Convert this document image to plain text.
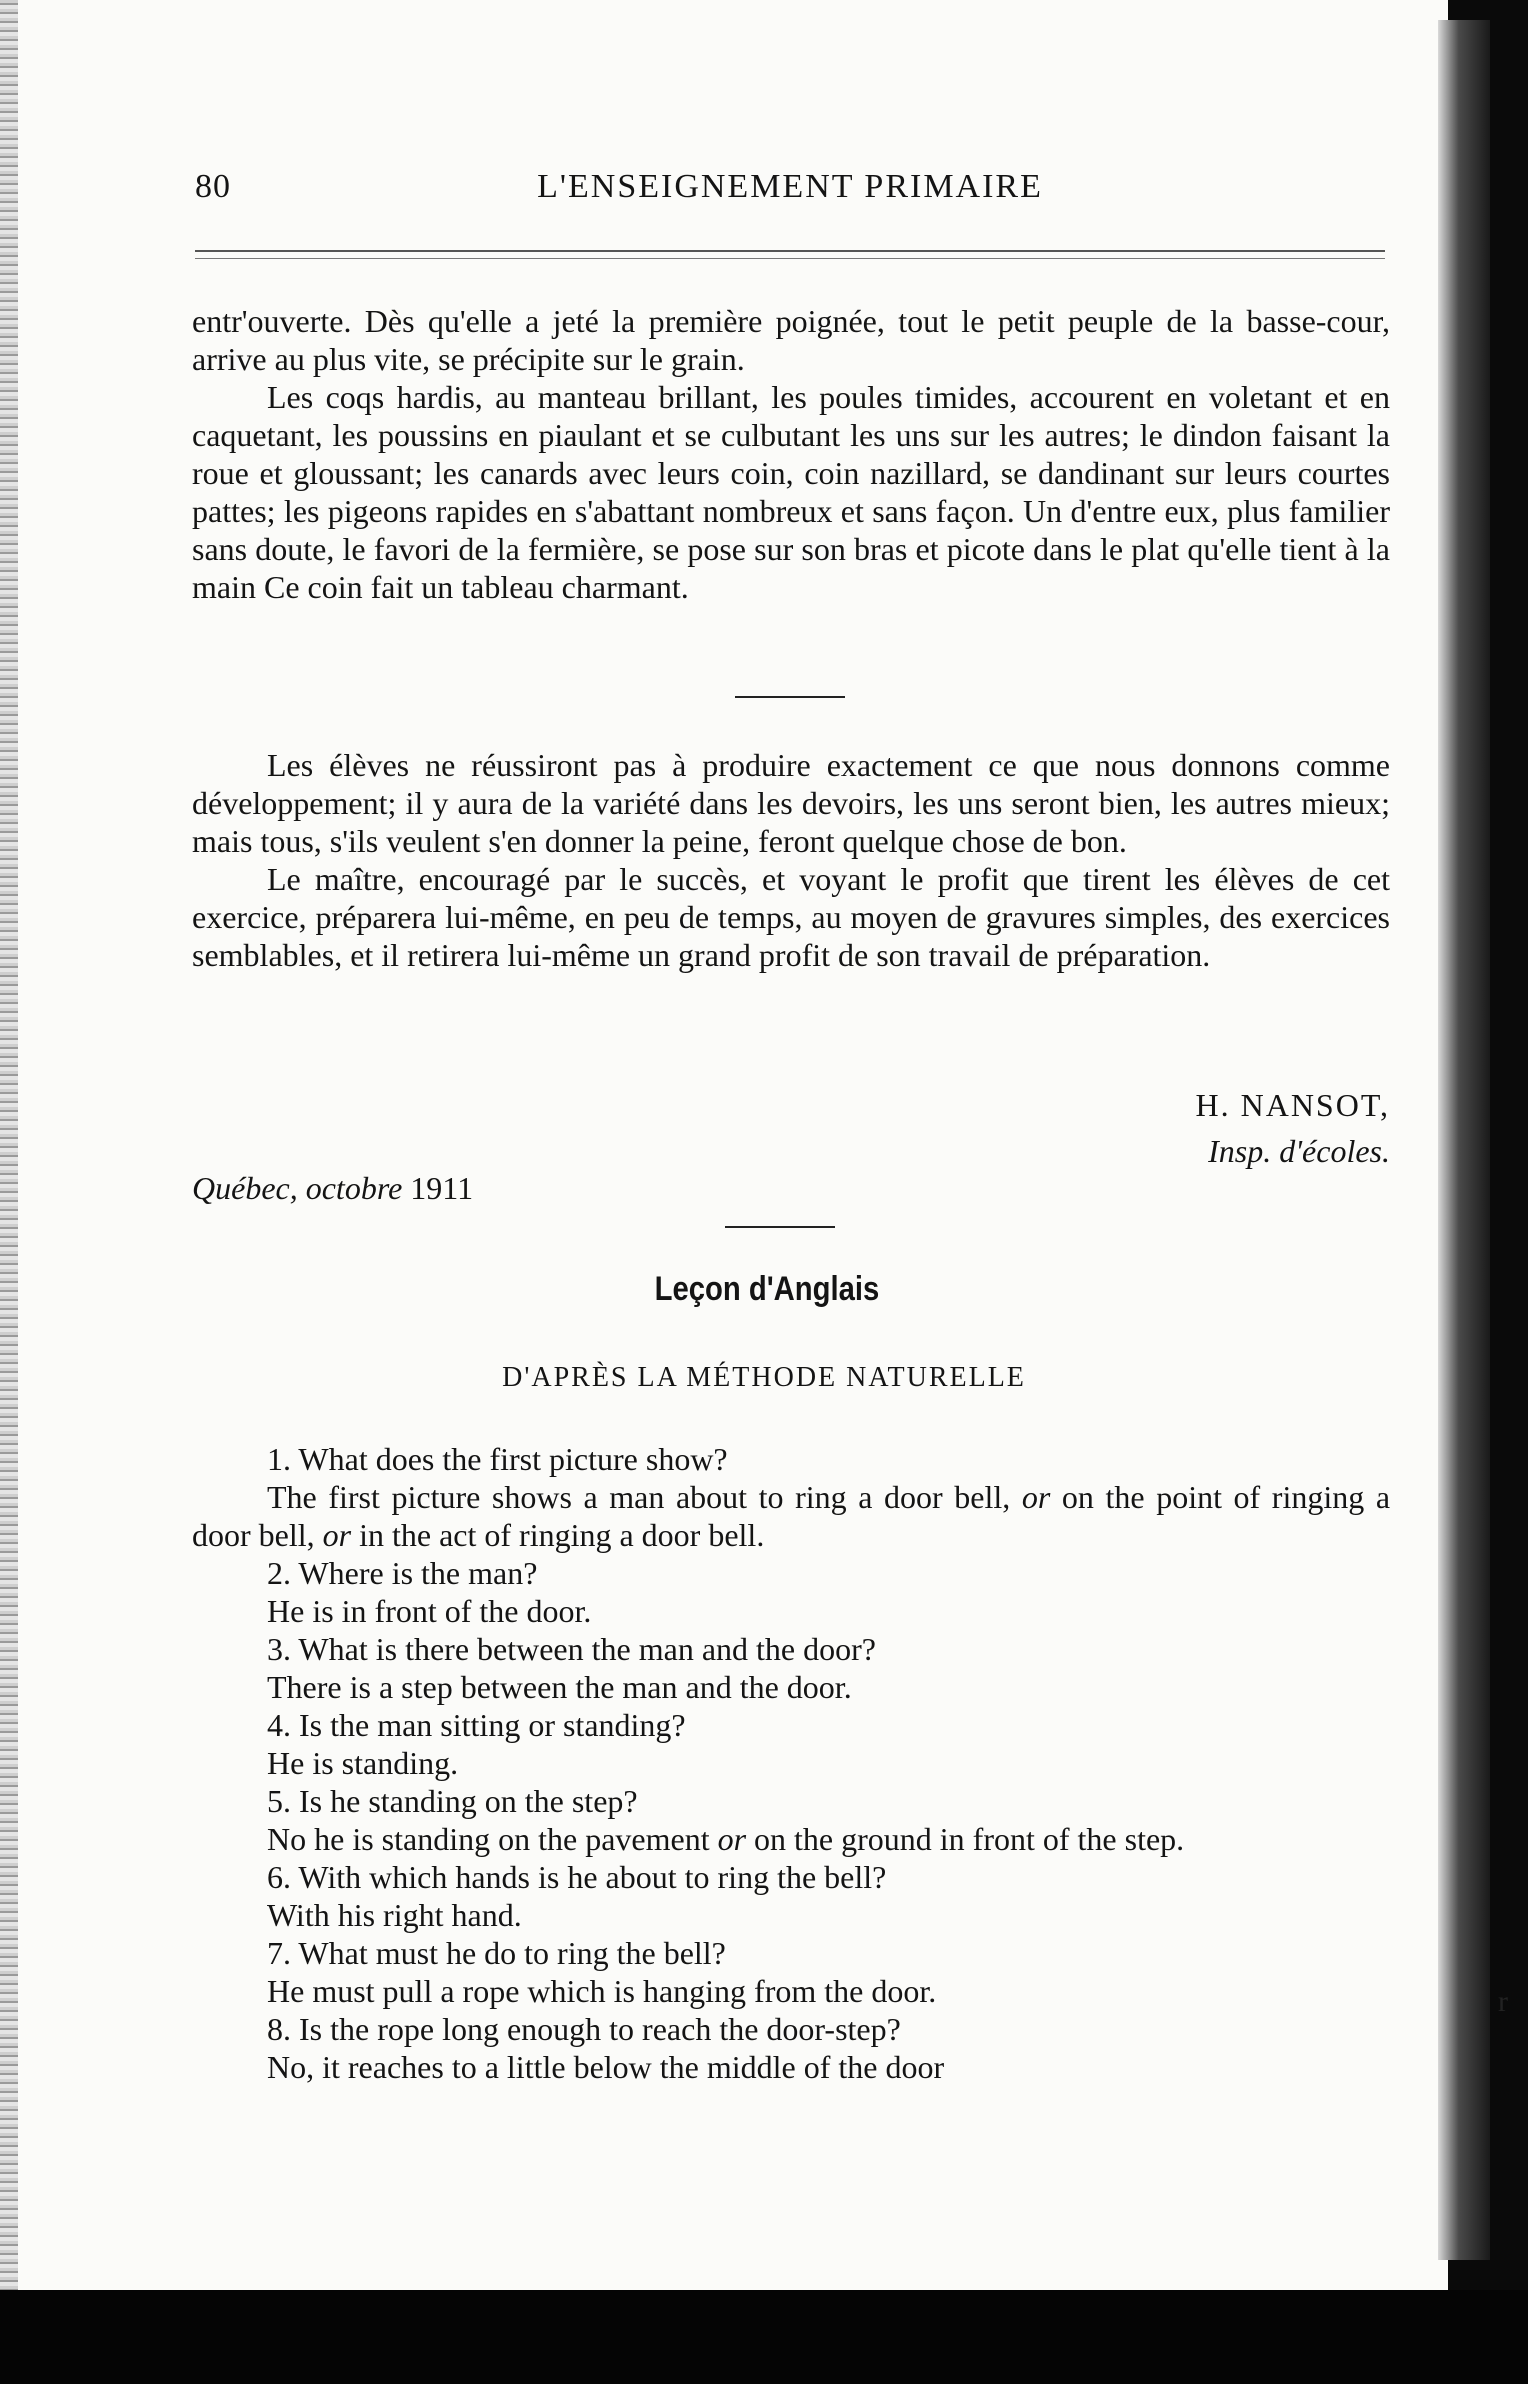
80	L'ENSEIGNEMENT PRIMAIRE

entr'ouverte. Dès qu'elle a jeté la première poignée, tout le petit peuple de la basse-cour, arrive au plus vite, se précipite sur le grain.

Les coqs hardis, au manteau brillant, les poules timides, accourent en voletant et en caquetant, les poussins en piaulant et se culbutant les uns sur les autres; le dindon faisant la roue et gloussant; les canards avec leurs coin, coin nazillard, se dandinant sur leurs courtes pattes; les pigeons rapides en s'abattant nombreux et sans façon. Un d'entre eux, plus familier sans doute, le favori de la fermière, se pose sur son bras et picote dans le plat qu'elle tient à la main Ce coin fait un tableau charmant.

Les élèves ne réussiront pas à produire exactement ce que nous donnons comme développement; il y aura de la variété dans les devoirs, les uns seront bien, les autres mieux; mais tous, s'ils veulent s'en donner la peine, feront quelque chose de bon.

Le maître, encouragé par le succès, et voyant le profit que tirent les élèves de cet exercice, préparera lui-même, en peu de temps, au moyen de gravures simples, des exercices semblables, et il retirera lui-même un grand profit de son travail de préparation.

H. NANSOT,
Insp. d'écoles.
Québec, octobre 1911
Leçon d'Anglais
D'APRÈS LA MÉTHODE NATURELLE

1. What does the first picture show?

The first picture shows a man about to ring a door bell, or on the point of ringing a door bell, or in the act of ringing a door bell.

2. Where is the man?

He is in front of the door.

3. What is there between the man and the door?

There is a step between the man and the door.

4. Is the man sitting or standing?

He is standing.

5. Is he standing on the step?

No he is standing on the pavement or on the ground in front of the step.

6. With which hands is he about to ring the bell?

With his right hand.

7. What must he do to ring the bell?

He must pull a rope which is hanging from the door.

8. Is the rope long enough to reach the door-step?

No, it reaches to a little below the middle of the door

r
